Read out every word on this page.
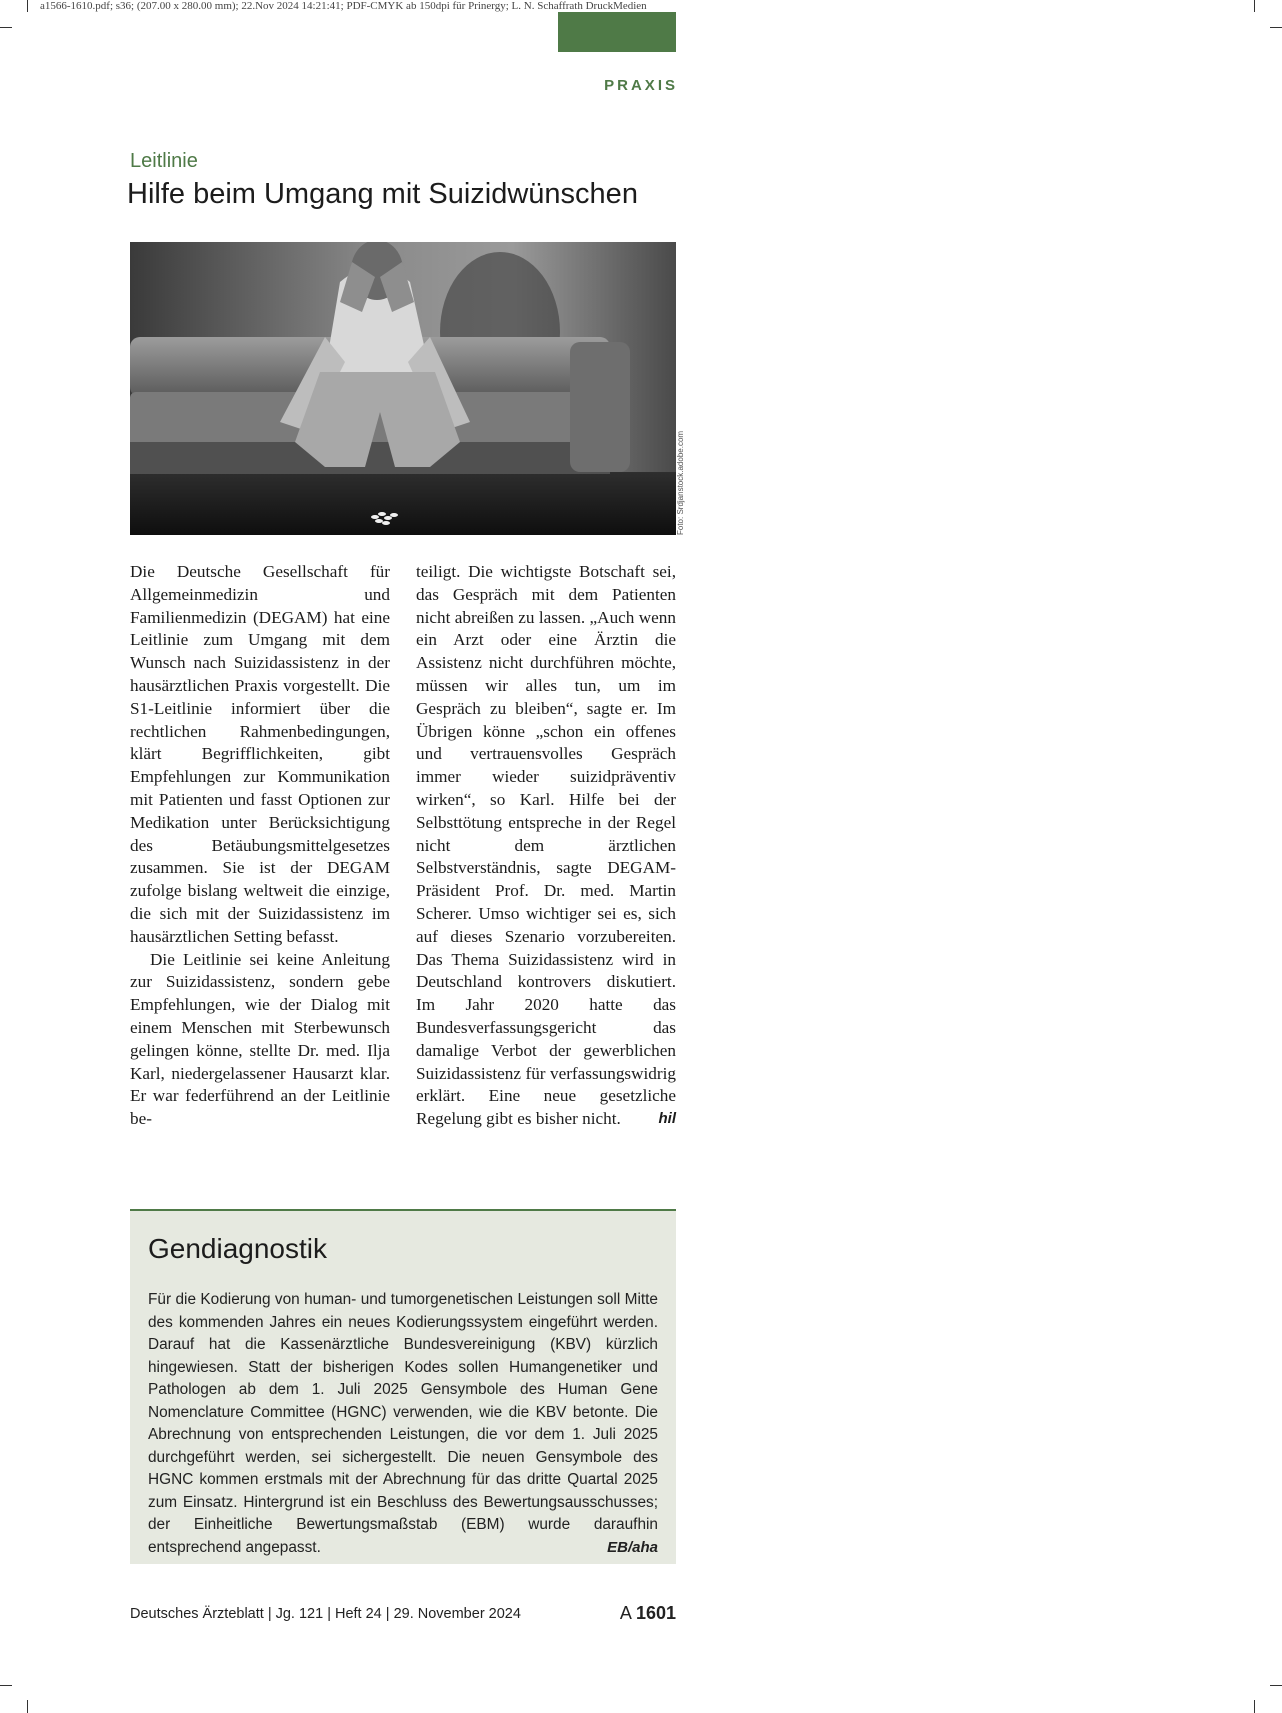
a1566-1610.pdf; s36; (207.00 x 280.00 mm); 22.Nov 2024 14:21:41; PDF-CMYK ab 150dpi für Prinergy; L. N. Schaffrath DruckMedien
PRAXIS
Leitlinie
Hilfe beim Umgang mit Suizidwünschen
Foto: Srdjanstock.adobe.com

Die Deutsche Gesellschaft für Allgemeinmedizin und Familienmedizin (DEGAM) hat eine Leitlinie zum Umgang mit dem Wunsch nach Suizidassistenz in der hausärztlichen Praxis vorgestellt. Die S1-Leitlinie informiert über die rechtlichen Rahmenbedingungen, klärt Begrifflichkeiten, gibt Empfehlungen zur Kommunikation mit Patienten und fasst Optionen zur Medikation unter Berücksichtigung des Betäubungsmittelgesetzes zusammen. Sie ist der DEGAM zufolge bislang weltweit die einzige, die sich mit der Suizidassistenz im hausärztlichen Setting befasst.

Die Leitlinie sei keine Anleitung zur Suizidassistenz, sondern gebe Empfehlungen, wie der Dialog mit einem Menschen mit Sterbewunsch gelingen könne, stellte Dr. med. Ilja Karl, niedergelassener Hausarzt klar. Er war federführend an der Leitlinie be-

teiligt. Die wichtigste Botschaft sei, das Gespräch mit dem Patienten nicht abreißen zu lassen. „Auch wenn ein Arzt oder eine Ärztin die Assistenz nicht durchführen möchte, müssen wir alles tun, um im Gespräch zu bleiben“, sagte er. Im Übrigen könne „schon ein offenes und vertrauensvolles Gespräch immer wieder suizidpräventiv wirken“, so Karl. Hilfe bei der Selbsttötung entspreche in der Regel nicht dem ärztlichen Selbstverständnis, sagte DEGAM-Präsident Prof. Dr. med. Martin Scherer. Umso wichtiger sei es, sich auf dieses Szenario vorzubereiten. Das Thema Suizidassistenz wird in Deutschland kontrovers diskutiert. Im Jahr 2020 hatte das Bundesverfassungsgericht das damalige Verbot der gewerblichen Suizidassistenz für verfassungswidrig erklärt. Eine neue gesetzliche Regelung gibt es bisher nicht.	hil

Gendiagnostik
Für die Kodierung von human- und tumorgenetischen Leistungen soll Mitte des kommenden Jahres ein neues Kodierungssystem eingeführt werden. Darauf hat die Kassenärztliche Bundesvereinigung (KBV) kürzlich hingewiesen. Statt der bisherigen Kodes sollen Humangenetiker und Pathologen ab dem 1. Juli 2025 Gensymbole des Human Gene Nomenclature Committee (HGNC) verwenden, wie die KBV betonte. Die Abrechnung von entsprechenden Leistungen, die vor dem 1. Juli 2025 durchgeführt werden, sei sichergestellt. Die neuen Gensymbole des HGNC kommen erstmals mit der Abrechnung für das dritte Quartal 2025 zum Einsatz. Hintergrund ist ein Beschluss des Bewertungsausschusses; der Einheitliche Bewertungsmaßstab (EBM) wurde daraufhin entsprechend angepasst.	EB/aha
Deutsches Ärzteblatt | Jg. 121 | Heft 24 | 29. November 2024	A 1601
